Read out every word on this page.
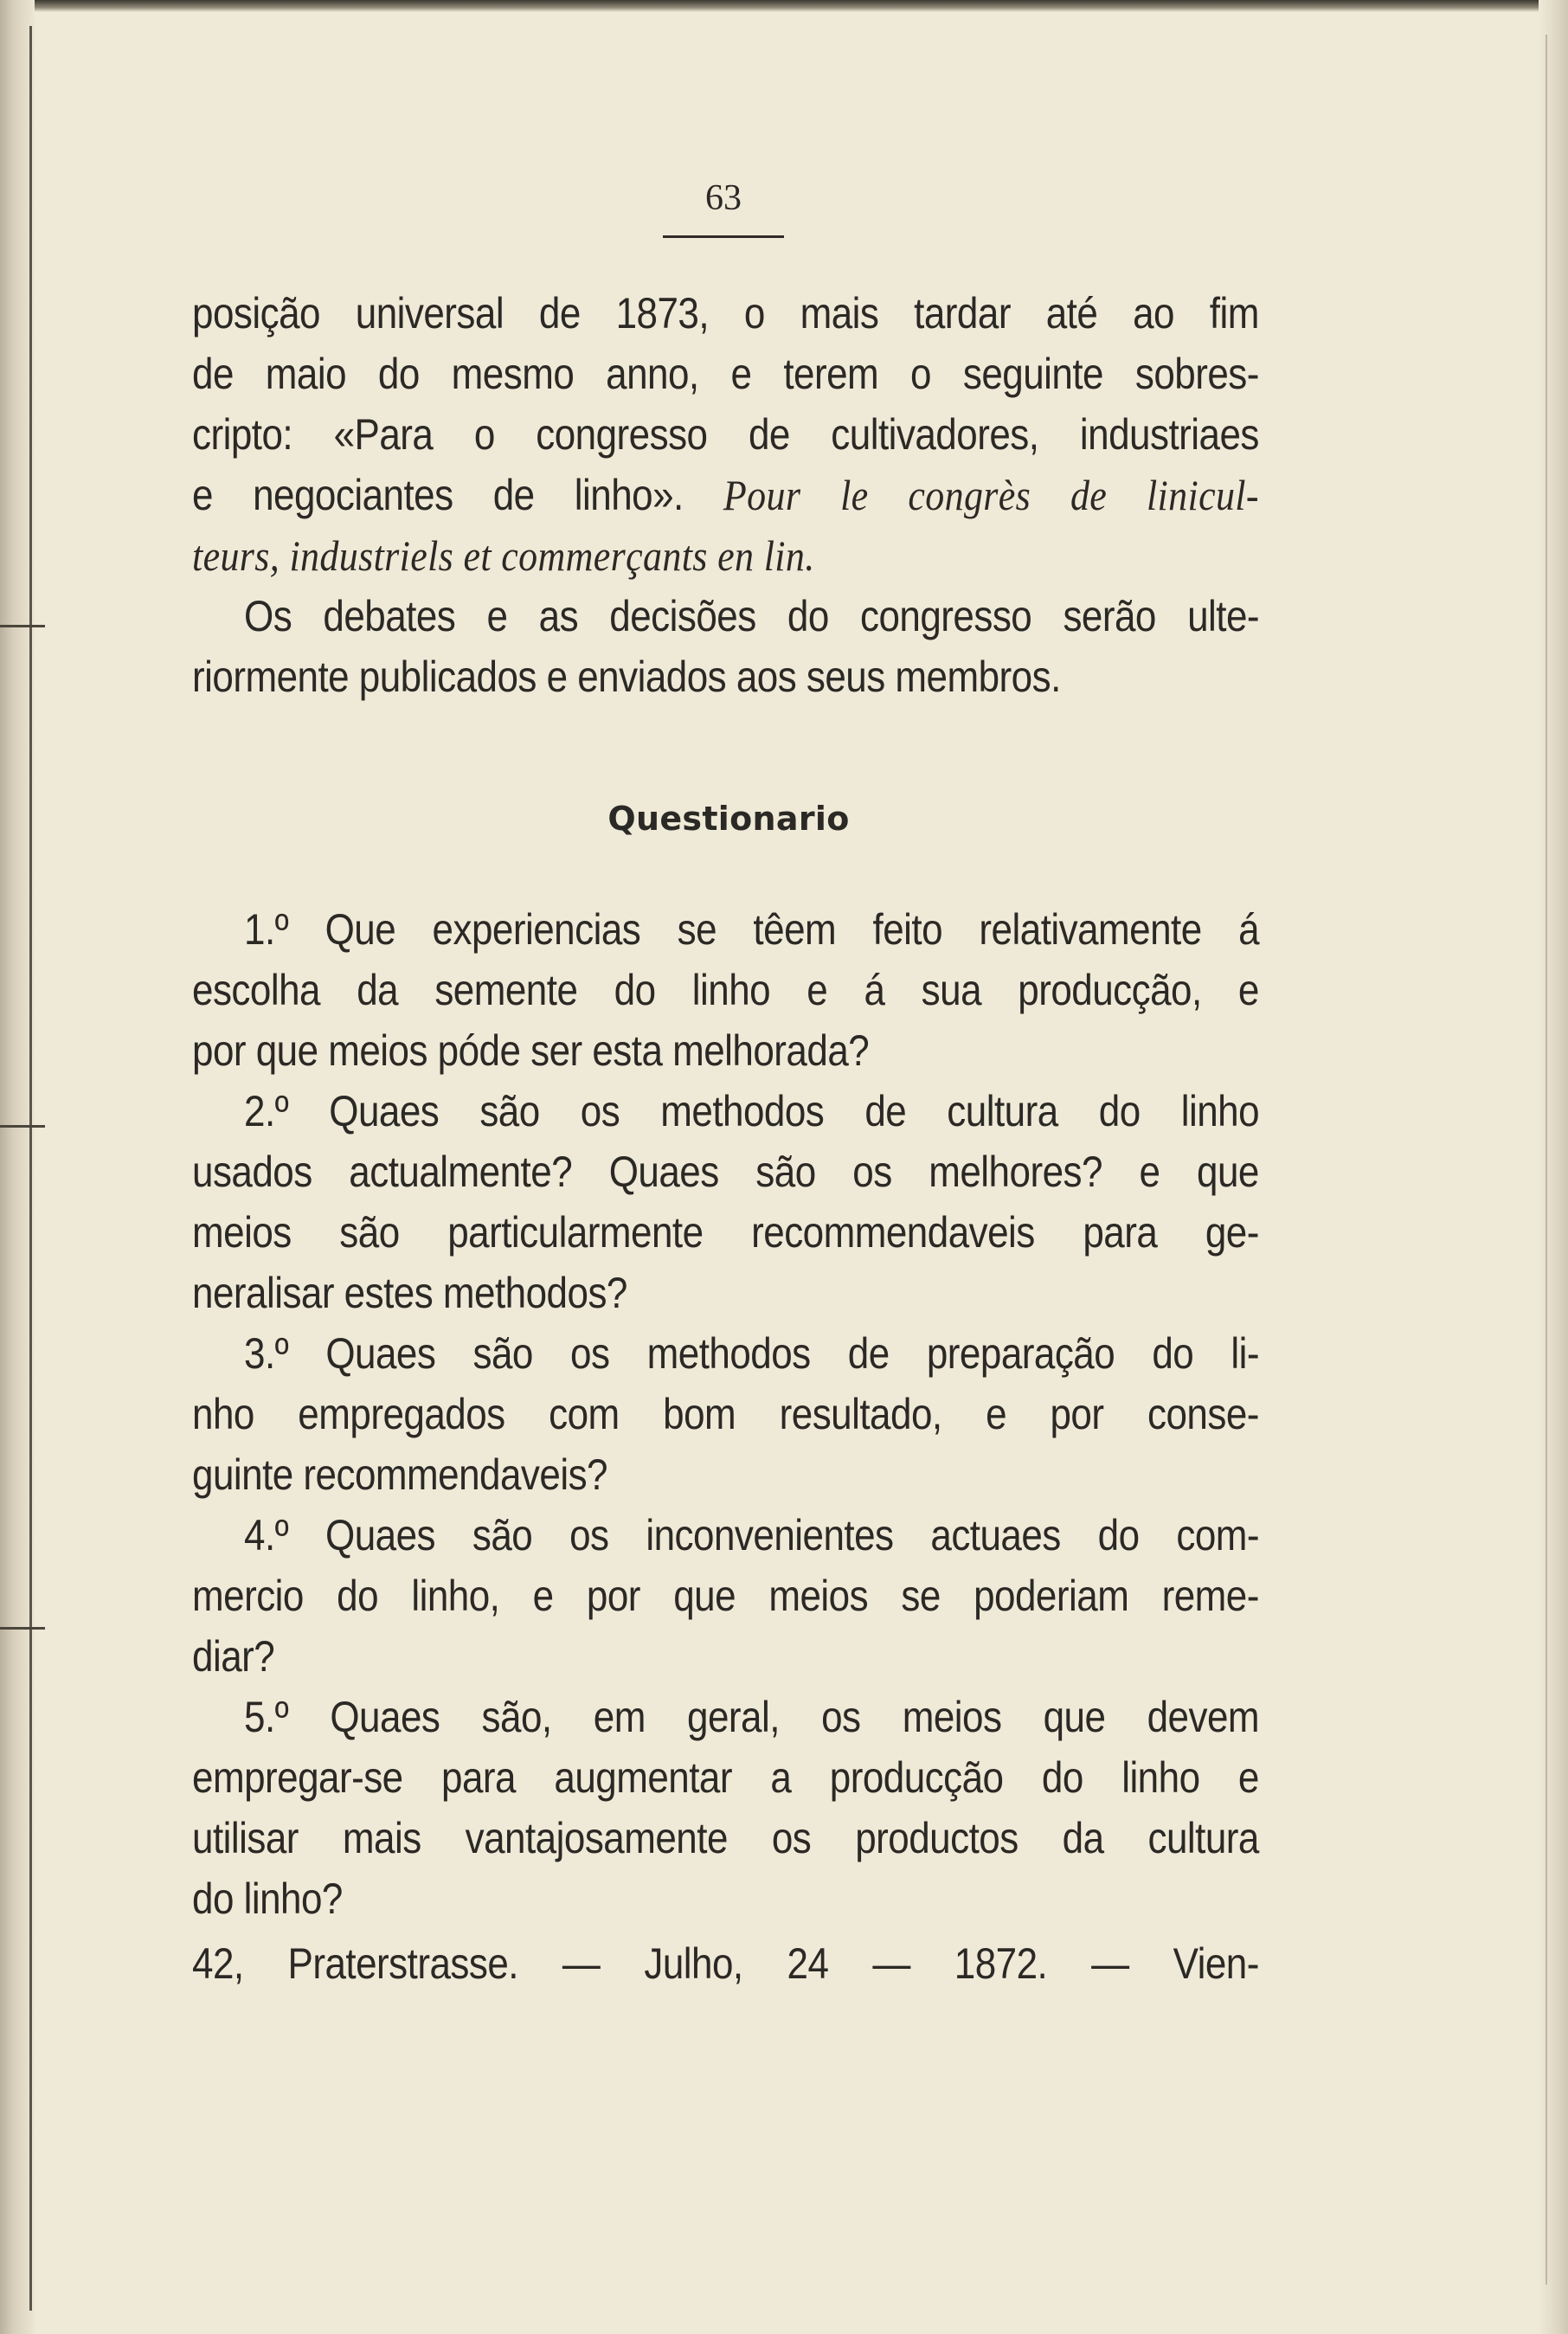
63
posição universal de 1873, o mais tardar até ao fim
de maio do mesmo anno, e terem o seguinte sobres-
cripto: «Para o congresso de cultivadores, industriaes
e negociantes de linho». Pour le congrès de linicul-
teurs, industriels et commerçants en lin.
Os debates e as decisões do congresso serão ulte-
riormente publicados e enviados aos seus membros.
Questionario
1.º Que experiencias se têem feito relativamente á
escolha da semente do linho e á sua producção, e
por que meios póde ser esta melhorada?
2.º Quaes são os methodos de cultura do linho
usados actualmente? Quaes são os melhores? e que
meios são particularmente recommendaveis para ge-
neralisar estes methodos?
3.º Quaes são os methodos de preparação do li-
nho empregados com bom resultado, e por conse-
guinte recommendaveis?
4.º Quaes são os inconvenientes actuaes do com-
mercio do linho, e por que meios se poderiam reme-
diar?
5.º Quaes são, em geral, os meios que devem
empregar-se para augmentar a producção do linho e
utilisar mais vantajosamente os productos da cultura
do linho?
42, Praterstrasse. — Julho, 24 — 1872. — Vien-
